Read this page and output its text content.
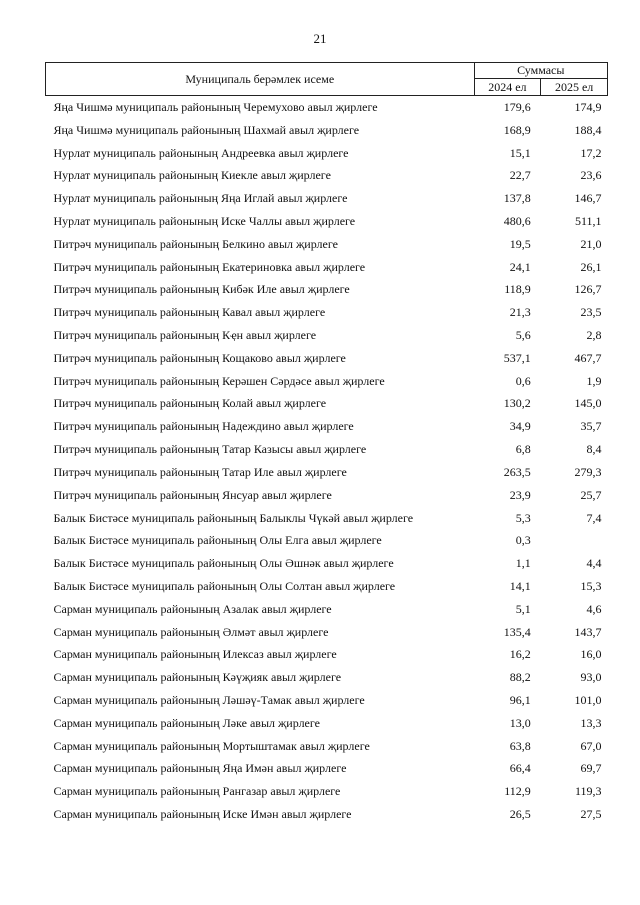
21
Муниципаль берәмлек исеме	Суммасы	
	2024 ел	2025 ел
Яңа Чишмә муниципаль районының Черемухово авыл җирлеге	179,6	174,9
Яңа Чишмә муниципаль районының Шахмай авыл җирлеге	168,9	188,4
Нурлат муниципаль районының Андреевка авыл җирлеге	15,1	17,2
Нурлат муниципаль районының Киекле авыл җирлеге	22,7	23,6
Нурлат муниципаль районының Яңа Иглай авыл җирлеге	137,8	146,7
Нурлат муниципаль районының Иске Чаллы авыл җирлеге	480,6	511,1
Питрәч муниципаль районының Белкино авыл җирлеге	19,5	21,0
Питрәч муниципаль районының Екатериновка авыл җирлеге	24,1	26,1
Питрәч муниципаль районының Кибәк Иле авыл җирлеге	118,9	126,7
Питрәч муниципаль районының Кавал авыл җирлеге	21,3	23,5
Питрәч муниципаль районының Кҿн авыл җирлеге	5,6	2,8
Питрәч муниципаль районының Кощаково авыл җирлеге	537,1	467,7
Питрәч муниципаль районының Керәшен Сәрдәсе авыл җирлеге	0,6	1,9
Питрәч муниципаль районының Колай авыл җирлеге	130,2	145,0
Питрәч муниципаль районының Надеждино авыл җирлеге	34,9	35,7
Питрәч муниципаль районының Татар Казысы авыл җирлеге	6,8	8,4
Питрәч муниципаль районының Татар Иле авыл җирлеге	263,5	279,3
Питрәч муниципаль районының Янсуар авыл җирлеге	23,9	25,7
Балык Бистәсе муниципаль районының Балыклы Чүкәй авыл җирлеге	5,3	7,4
Балык Бистәсе муниципаль районының Олы Елга авыл җирлеге	0,3	
Балык Бистәсе муниципаль районының Олы Әшнәк авыл җирлеге	1,1	4,4
Балык Бистәсе муниципаль районының Олы Солтан авыл җирлеге	14,1	15,3
Сарман муниципаль районының Азалак авыл җирлеге	5,1	4,6
Сарман муниципаль районының Әлмәт авыл җирлеге	135,4	143,7
Сарман муниципаль районының Илексаз авыл җирлеге	16,2	16,0
Сарман муниципаль районының Кәүҗияк авыл җирлеге	88,2	93,0
Сарман муниципаль районының Ләшәү-Тамак авыл җирлеге	96,1	101,0
Сарман муниципаль районының Ләке авыл җирлеге	13,0	13,3
Сарман муниципаль районының Мортыштамак авыл җирлеге	63,8	67,0
Сарман муниципаль районының Яңа Имән авыл җирлеге	66,4	69,7
Сарман муниципаль районының Рангазар авыл җирлеге	112,9	119,3
Сарман муниципаль районының Иске Имән авыл җирлеге	26,5	27,5
